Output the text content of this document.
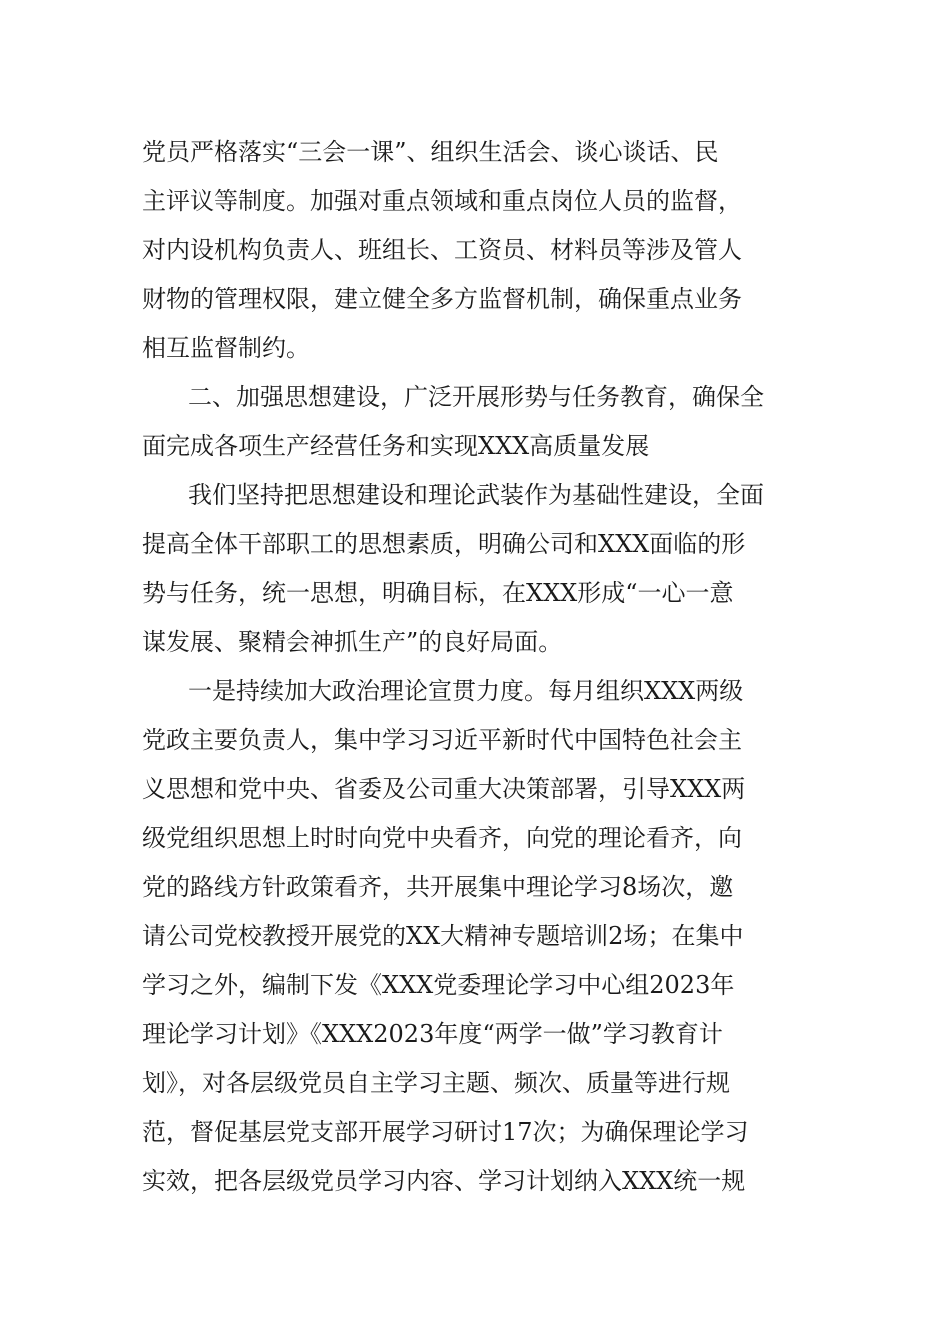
党员严格落实“三会一课”、组织生活会、谈心谈话、民
主评议等制度。加强对重点领域和重点岗位人员的监督，
对内设机构负责人、班组长、工资员、材料员等涉及管人
财物的管理权限，建立健全多方监督机制，确保重点业务
相互监督制约。
二、加强思想建设，广泛开展形势与任务教育，确保全
面完成各项生产经营任务和实现XXX高质量发展
我们坚持把思想建设和理论武装作为基础性建设，全面
提高全体干部职工的思想素质，明确公司和XXX面临的形
势与任务，统一思想，明确目标，在XXX形成“一心一意
谋发展、聚精会神抓生产”的良好局面。
一是持续加大政治理论宣贯力度。每月组织XXX两级
党政主要负责人，集中学习习近平新时代中国特色社会主
义思想和党中央、省委及公司重大决策部署，引导XXX两
级党组织思想上时时向党中央看齐，向党的理论看齐，向
党的路线方针政策看齐，共开展集中理论学习8场次，邀
请公司党校教授开展党的XX大精神专题培训2场；在集中
学习之外，编制下发《XXX党委理论学习中心组2023年
理论学习计划》《XXX2023年度“两学一做”学习教育计
划》，对各层级党员自主学习主题、频次、质量等进行规
范，督促基层党支部开展学习研讨17次；为确保理论学习
实效，把各层级党员学习内容、学习计划纳入XXX统一规
